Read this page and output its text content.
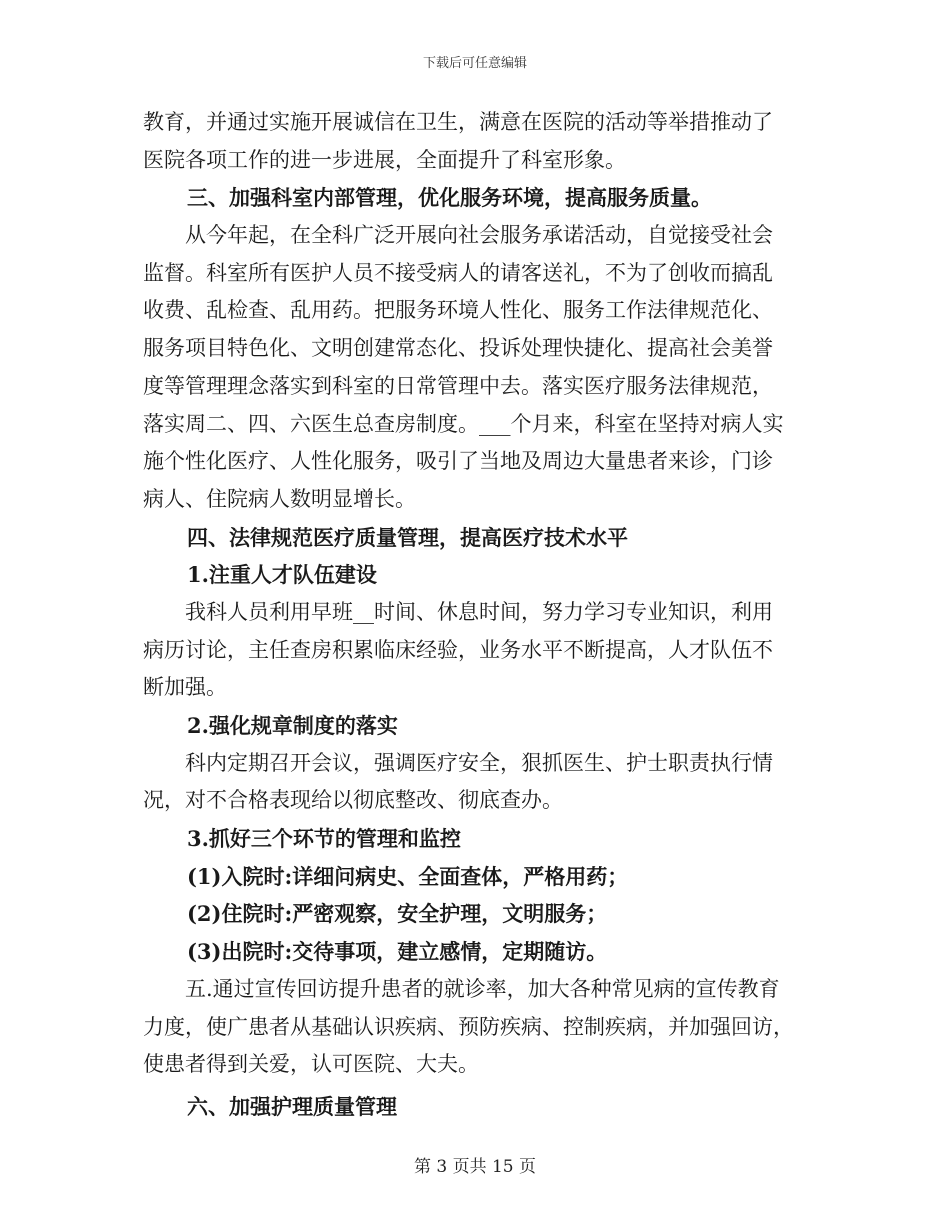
下载后可任意编辑
教育，并通过实施开展诚信在卫生，满意在医院的活动等举措推动了
医院各项工作的进一步进展，全面提升了科室形象。
三、加强科室内部管理，优化服务环境，提高服务质量。
从今年起，在全科广泛开展向社会服务承诺活动，自觉接受社会
监督。科室所有医护人员不接受病人的请客送礼，不为了创收而搞乱
收费、乱检查、乱用药。把服务环境人性化、服务工作法律规范化、
服务项目特色化、文明创建常态化、投诉处理快捷化、提高社会美誉
度等管理理念落实到科室的日常管理中去。落实医疗服务法律规范，
落实周二、四、六医生总查房制度。___个月来，科室在坚持对病人实
施个性化医疗、人性化服务，吸引了当地及周边大量患者来诊，门诊
病人、住院病人数明显增长。
四、法律规范医疗质量管理，提高医疗技术水平
1.注重人才队伍建设
我科人员利用早班__时间、休息时间，努力学习专业知识，利用
病历讨论，主任查房积累临床经验，业务水平不断提高，人才队伍不
断加强。
2.强化规章制度的落实
科内定期召开会议，强调医疗安全，狠抓医生、护士职责执行情
况，对不合格表现给以彻底整改、彻底查办。
3.抓好三个环节的管理和监控
(1)入院时:详细问病史、全面查体，严格用药；
(2)住院时:严密观察，安全护理，文明服务；
(3)出院时:交待事项，建立感情，定期随访。
五.通过宣传回访提升患者的就诊率，加大各种常见病的宣传教育
力度，使广患者从基础认识疾病、预防疾病、控制疾病，并加强回访，
使患者得到关爱，认可医院、大夫。
六、加强护理质量管理
第 3 页共 15 页
